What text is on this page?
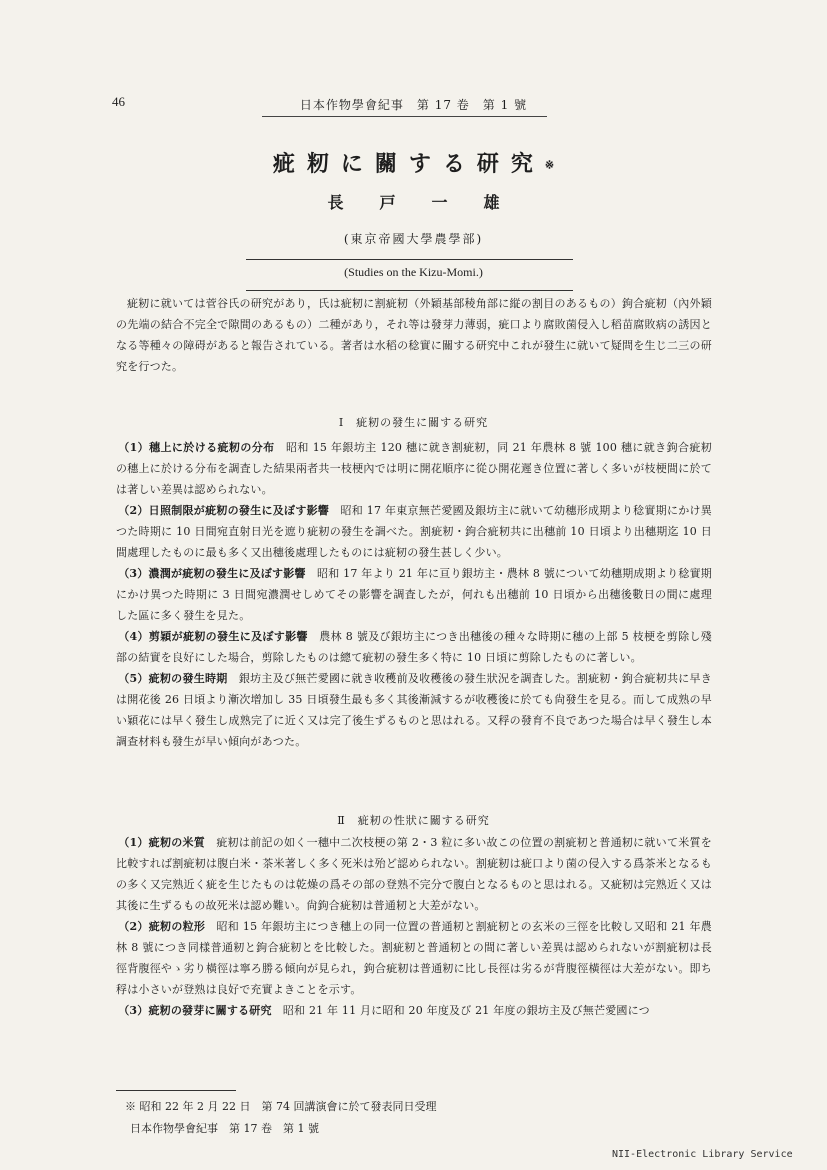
46	日本作物學會紀事　第 17 卷　第 1 號
疵籾に關する研究※
長戸一雄
(東京帝國大學農學部)
(Studies on the Kizu-Momi.)

疵籾に就いては菅谷氏の研究があり，氏は疵籾に割疵籾（外穎基部稜角部に縦の割目のあるもの）鉤合疵籾（內外穎の先端の結合不完全で隙間のあるもの）二種があり，それ等は發芽力薄弱，疵口より腐敗菌侵入し稻苗腐敗病の誘因となる等種々の障碍があると報告されている。著者は水稻の稔實に關する研究中これが發生に就いて疑問を生じ二三の研究を行つた。

Ⅰ　疵籾の發生に關する研究

（1）穗上に於ける疵籾の分布　 昭和 15 年銀坊主 120 穗に就き割疵籾，同 21 年農林 8 號 100 穗に就き鉤合疵籾の穗上に於ける分布を調査した結果兩者共一枝梗內では明に開花順序に從ひ開花遲き位置に著しく多いが枝梗間に於ては著しい差異は認められない。

（2）日照制限が疵籾の發生に及ぼす影響　 昭和 17 年東京無芒愛國及銀坊主に就いて幼穗形成期より稔實期にかけ異つた時期に 10 日間宛直射日光を遮り疵籾の發生を調べた。割疵籾・鉤合疵籾共に出穗前 10 日頃より出穗期迄 10 日間處理したものに最も多く又出穗後處理したものには疵籾の發生甚しく少い。

（3）濃潤が疵籾の發生に及ぼす影響　 昭和 17 年より 21 年に亘り銀坊主・農林 8 號について幼穗期成期より稔實期にかけ異つた時期に 3 日間宛濃潤せしめてその影響を調査したが，何れも出穗前 10 日頃から出穗後數日の間に處理した區に多く發生を見た。

（4）剪穎が疵籾の發生に及ぼす影響　 農林 8 號及び銀坊主につき出穗後の種々な時期に穗の上部 5 枝梗を剪除し殘部の結實を良好にした場合，剪除したものは總て疵籾の發生多く特に 10 日頃に剪除したものに著しい。

（5）疵籾の發生時期　 銀坊主及び無芒愛國に就き收穫前及收穫後の發生狀況を調査した。割疵籾・鉤合疵籾共に早きは開花後 26 日頃より漸次增加し 35 日頃發生最も多く其後漸減するが收穫後に於ても尙發生を見る。而して成熟の早い穎花には早く發生し成熟完了に近く又は完了後生ずるものと思はれる。又稃の發育不良であつた場合は早く發生し本調查材料も發生が早い傾向があつた。

Ⅱ　疵籾の性狀に關する研究

（1）疵籾の米質　 疵籾は前記の如く一穗中二次枝梗の第 2・3 粒に多い故この位置の割疵籾と普通籾に就いて米質を比較すれば割疵籾は腹白米・茶米著しく多く死米は殆ど認められない。割疵籾は疵口より菌の侵入する爲茶米となるもの多く又完熟近く疵を生じたものは乾燥の爲その部の登熟不完分で腹白となるものと思はれる。又疵籾は完熟近く又は其後に生ずるもの故死米は認め難い。尙鉤合疵籾は普通籾と大差がない。

（2）疵籾の粒形　 昭和 15 年銀坊主につき穗上の同一位置の普通籾と割疵籾との玄米の三徑を比較し又昭和 21 年農林 8 號につき同樣普通籾と鉤合疵籾とを比較した。割疵籾と普通籾との間に著しい差異は認められないが割疵籾は長徑背腹徑やゝ劣り橫徑は寧ろ勝る傾向が見られ，鉤合疵籾は普通籾に比し長徑は劣るが背腹徑橫徑は大差がない。即ち稃は小さいが登熟は良好で充實よきことを示す。

（3）疵籾の發芽に關する研究　 昭和 21 年 11 月に昭和 20 年度及び 21 年度の銀坊主及び無芒愛國につ

※ 昭和 22 年 2 月 22 日　第 74 回講演會に於て發表同日受理
日本作物學會紀事　第 17 卷　第 1 號
NII-Electronic Library Service
